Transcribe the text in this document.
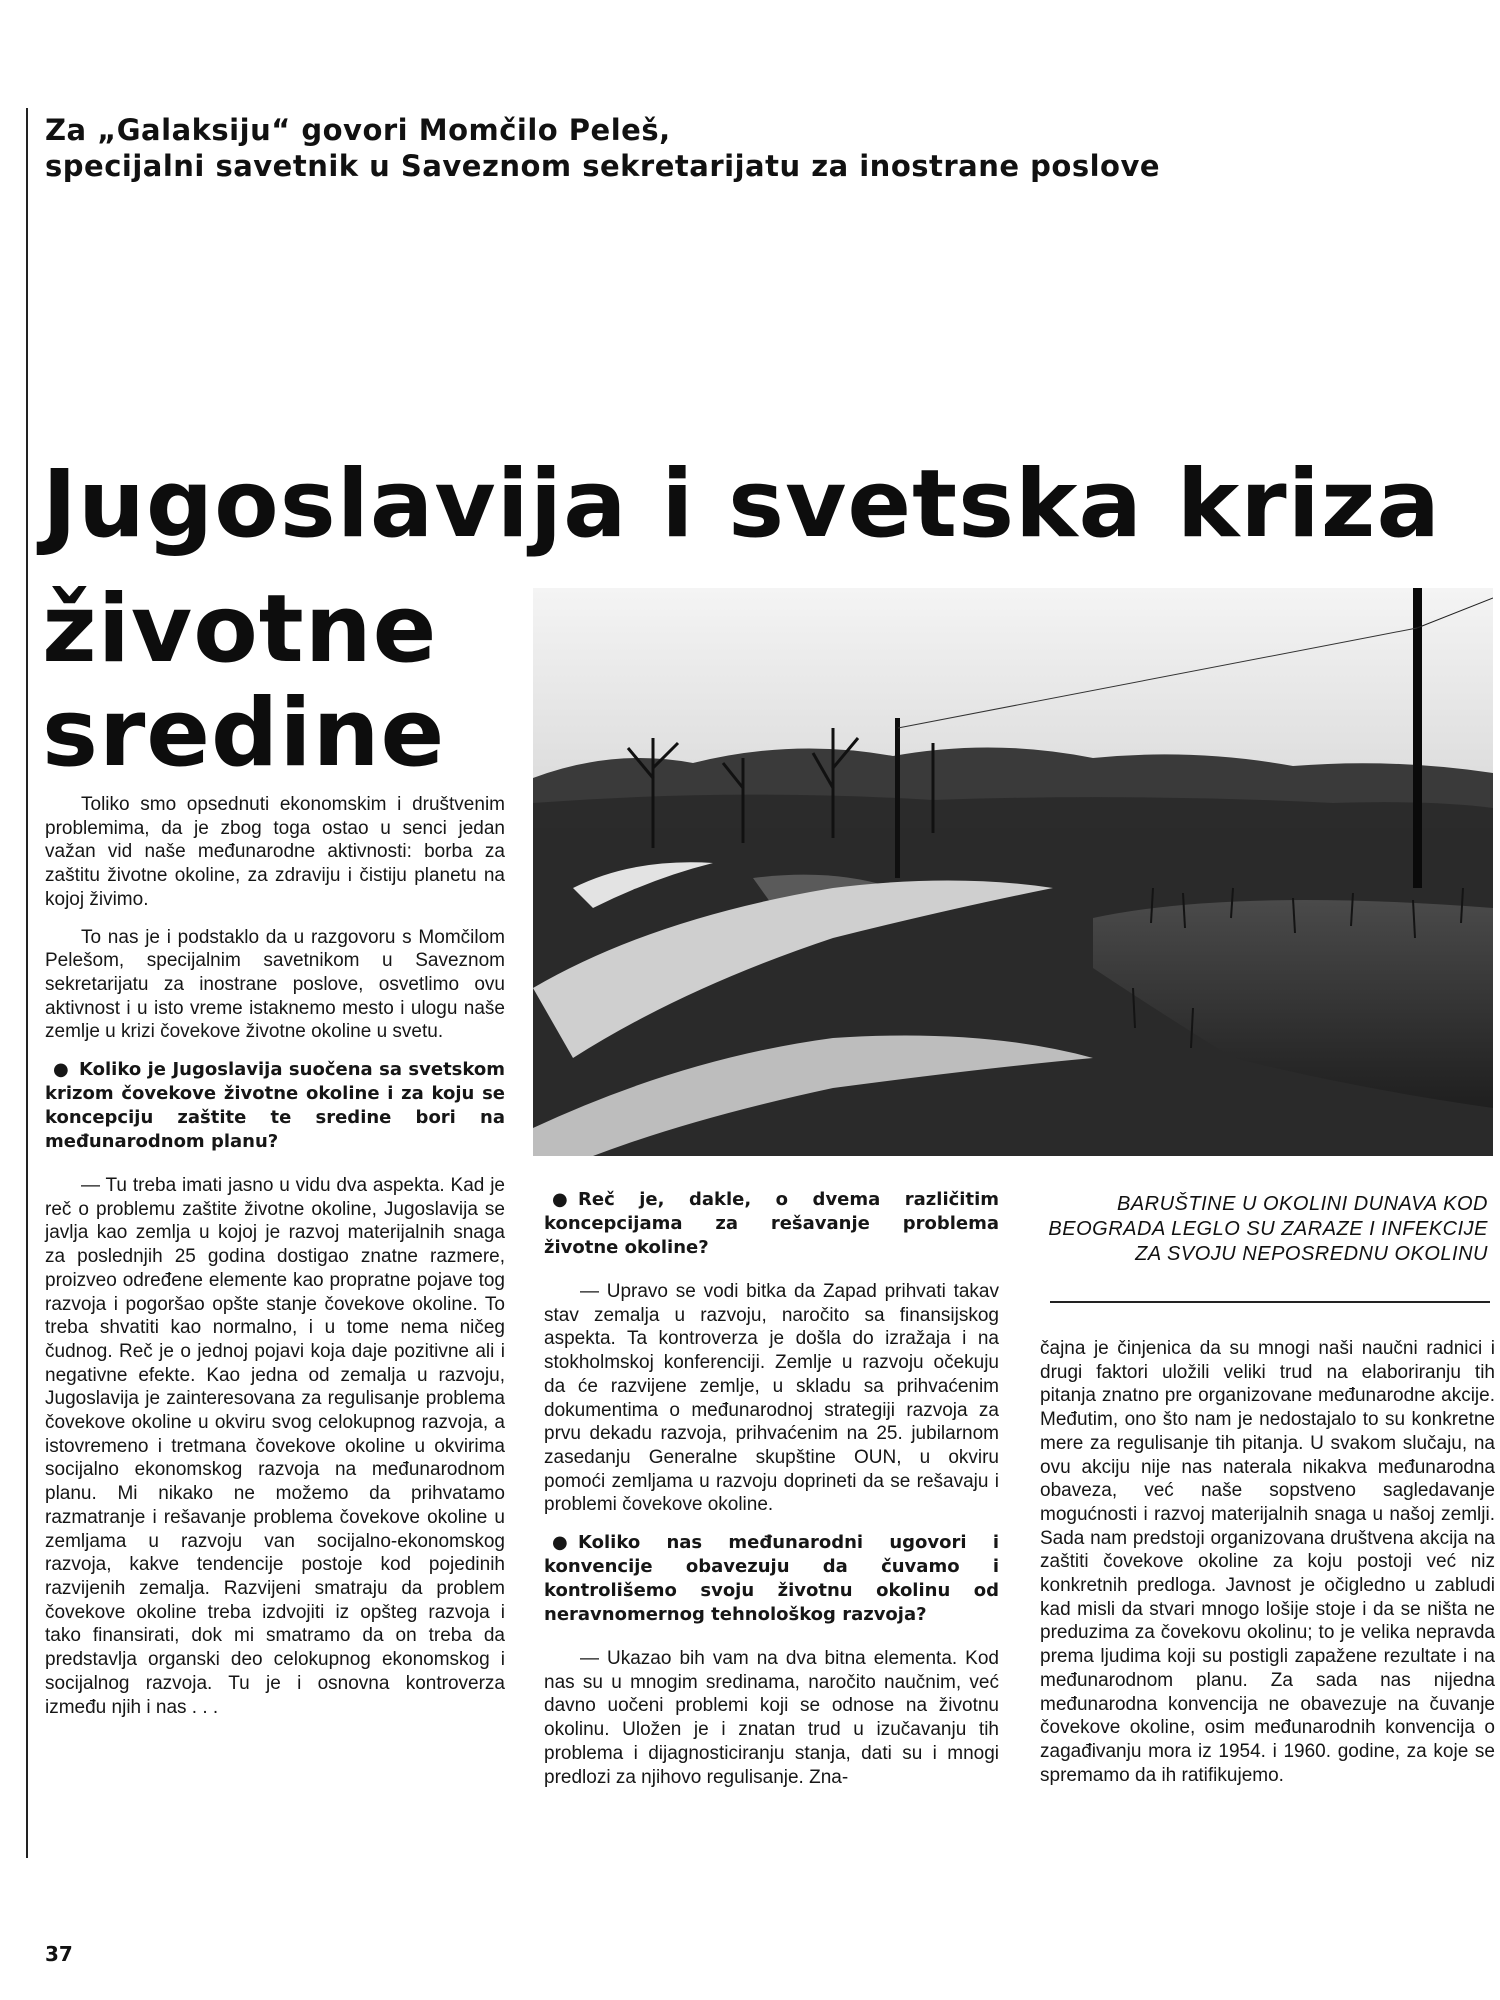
Za „Galaksiju“ govori Momčilo Peleš,
specijalni savetnik u Saveznom sekretarijatu za inostrane poslove
Jugoslavija i svetska kriza
životne
sredine

Toliko smo opsednuti ekonomskim i društvenim problemima, da je zbog toga ostao u senci jedan važan vid naše međunarodne aktivnosti: borba za zaštitu životne okoline, za zdraviju i čistiju planetu na kojoj živimo.

To nas je i podstaklo da u razgovoru s Momčilom Pelešom, specijalnim savetnikom u Saveznom sekretarijatu za inostrane poslove, osvetlimo ovu aktivnost i u isto vreme istaknemo mesto i ulogu naše zemlje u krizi čovekove životne okoline u svetu.

● Koliko je Jugoslavija suočena sa svetskom krizom čovekove životne okoline i za koju se koncepciju zaštite te sredine bori na međunarodnom planu?

— Tu treba imati jasno u vidu dva aspekta. Kad je reč o problemu zaštite životne okoline, Jugoslavija se javlja kao zemlja u kojoj je razvoj materijalnih snaga za poslednjih 25 godina dostigao znatne razmere, proizveo određene elemente kao propratne pojave tog razvoja i pogoršao opšte stanje čovekove okoline. To treba shvatiti kao normalno, i u tome nema ničeg čudnog. Reč je o jednoj pojavi koja daje pozitivne ali i negativne efekte. Kao jedna od zemalja u razvoju, Jugoslavija je zainteresovana za regulisanje problema čovekove okoline u okviru svog celokupnog razvoja, a istovremeno i tretmana čovekove okoline u okvirima socijalno ekonomskog razvoja na međunarodnom planu. Mi nikako ne možemo da prihvatamo razmatranje i rešavanje problema čovekove okoline u zemljama u razvoju van socijalno-ekonomskog razvoja, kakve tendencije postoje kod pojedinih razvijenih zemalja. Razvijeni smatraju da problem čovekove okoline treba izdvojiti iz opšteg razvoja i tako finansirati, dok mi smatramo da on treba da predstavlja organski deo celokupnog ekonomskog i socijalnog razvoja. Tu je i osnovna kontroverza između njih i nas . . .

● Reč je, dakle, o dvema različitim koncepcijama za rešavanje problema životne okoline?

— Upravo se vodi bitka da Zapad prihvati takav stav zemalja u razvoju, naročito sa finansijskog aspekta. Ta kontroverza je došla do izražaja i na stokholmskoj konferenciji. Zemlje u razvoju očekuju da će razvijene zemlje, u skladu sa prihvaćenim dokumentima o međunarodnoj strategiji razvoja za prvu dekadu razvoja, prihvaćenim na 25. jubilarnom zasedanju Generalne skupštine OUN, u okviru pomoći zemljama u razvoju doprineti da se rešavaju i problemi čovekove okoline.

● Koliko nas međunarodni ugovori i konvencije obavezuju da čuvamo i kontrolišemo svoju životnu okolinu od neravnomernog tehnološkog razvoja?

— Ukazao bih vam na dva bitna elementa. Kod nas su u mnogim sredinama, naročito naučnim, već davno uočeni problemi koji se odnose na životnu okolinu. Uložen je i znatan trud u izučavanju tih problema i dijagnosticiranju stanja, dati su i mnogi predlozi za njihovo regulisanje. Zna-

BARUŠTINE U OKOLINI DUNAVA KOD BEOGRADA LEGLO SU ZARAZE I INFEKCIJE ZA SVOJU NEPOSREDNU OKOLINU

čajna je činjenica da su mnogi naši naučni radnici i drugi faktori uložili veliki trud na elaboriranju tih pitanja znatno pre organizovane međunarodne akcije. Međutim, ono što nam je nedostajalo to su konkretne mere za regulisanje tih pitanja. U svakom slučaju, na ovu akciju nije nas naterala nikakva međunarodna obaveza, već naše sopstveno sagledavanje mogućnosti i razvoj materijalnih snaga u našoj zemlji. Sada nam predstoji organizovana društvena akcija na zaštiti čovekove okoline za koju postoji već niz konkretnih predloga. Javnost je očigledno u zabludi kad misli da stvari mnogo lošije stoje i da se ništa ne preduzima za čovekovu okolinu; to je velika nepravda prema ljudima koji su postigli zapažene rezultate i na međunarodnom planu. Za sada nas nijedna međunarodna konvencija ne obavezuje na čuvanje čovekove okoline, osim međunarodnih konvencija o zagađivanju mora iz 1954. i 1960. godine, za koje se spremamo da ih ratifikujemo.

37
